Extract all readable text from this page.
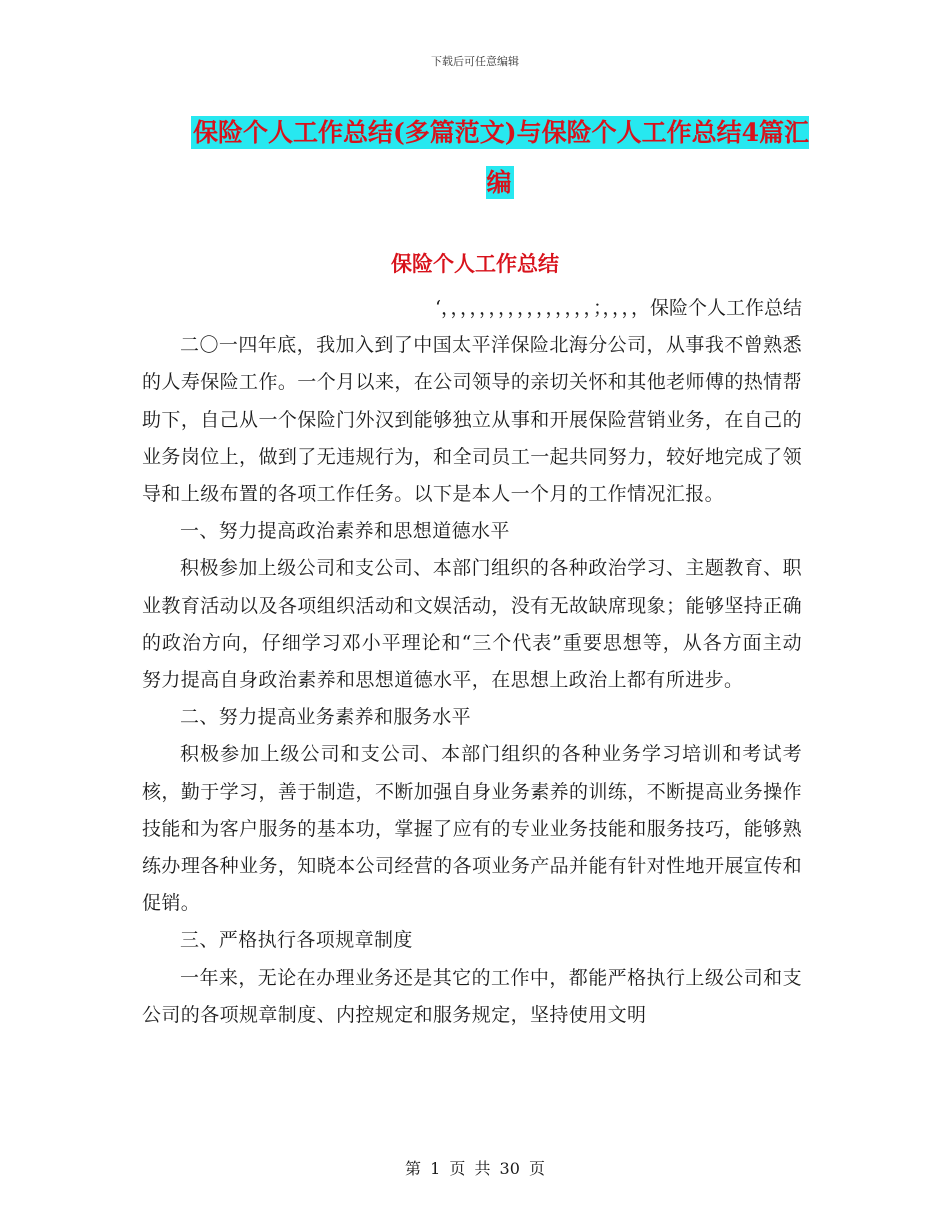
下载后可任意编辑
保险个人工作总结(多篇范文)与保险个人工作总结4篇汇编
保险个人工作总结

‘，，，，，，，，，，，，，，，，；，，，，保险个人工作总结

二〇一四年底，我加入到了中国太平洋保险北海分公司，从事我不曾熟悉的人寿保险工作。一个月以来，在公司领导的亲切关怀和其他老师傅的热情帮助下，自己从一个保险门外汉到能够独立从事和开展保险营销业务，在自己的业务岗位上，做到了无违规行为，和全司员工一起共同努力，较好地完成了领导和上级布置的各项工作任务。以下是本人一个月的工作情况汇报。

一、努力提高政治素养和思想道德水平

积极参加上级公司和支公司、本部门组织的各种政治学习、主题教育、职业教育活动以及各项组织活动和文娱活动，没有无故缺席现象；能够坚持正确的政治方向，仔细学习邓小平理论和“三个代表”重要思想等，从各方面主动努力提高自身政治素养和思想道德水平，在思想上政治上都有所进步。

二、努力提高业务素养和服务水平

积极参加上级公司和支公司、本部门组织的各种业务学习培训和考试考核，勤于学习，善于制造，不断加强自身业务素养的训练，不断提高业务操作技能和为客户服务的基本功，掌握了应有的专业业务技能和服务技巧，能够熟练办理各种业务，知晓本公司经营的各项业务产品并能有针对性地开展宣传和促销。

三、严格执行各项规章制度

一年来，无论在办理业务还是其它的工作中，都能严格执行上级公司和支公司的各项规章制度、内控规定和服务规定，坚持使用文明

第 1 页 共 30 页
